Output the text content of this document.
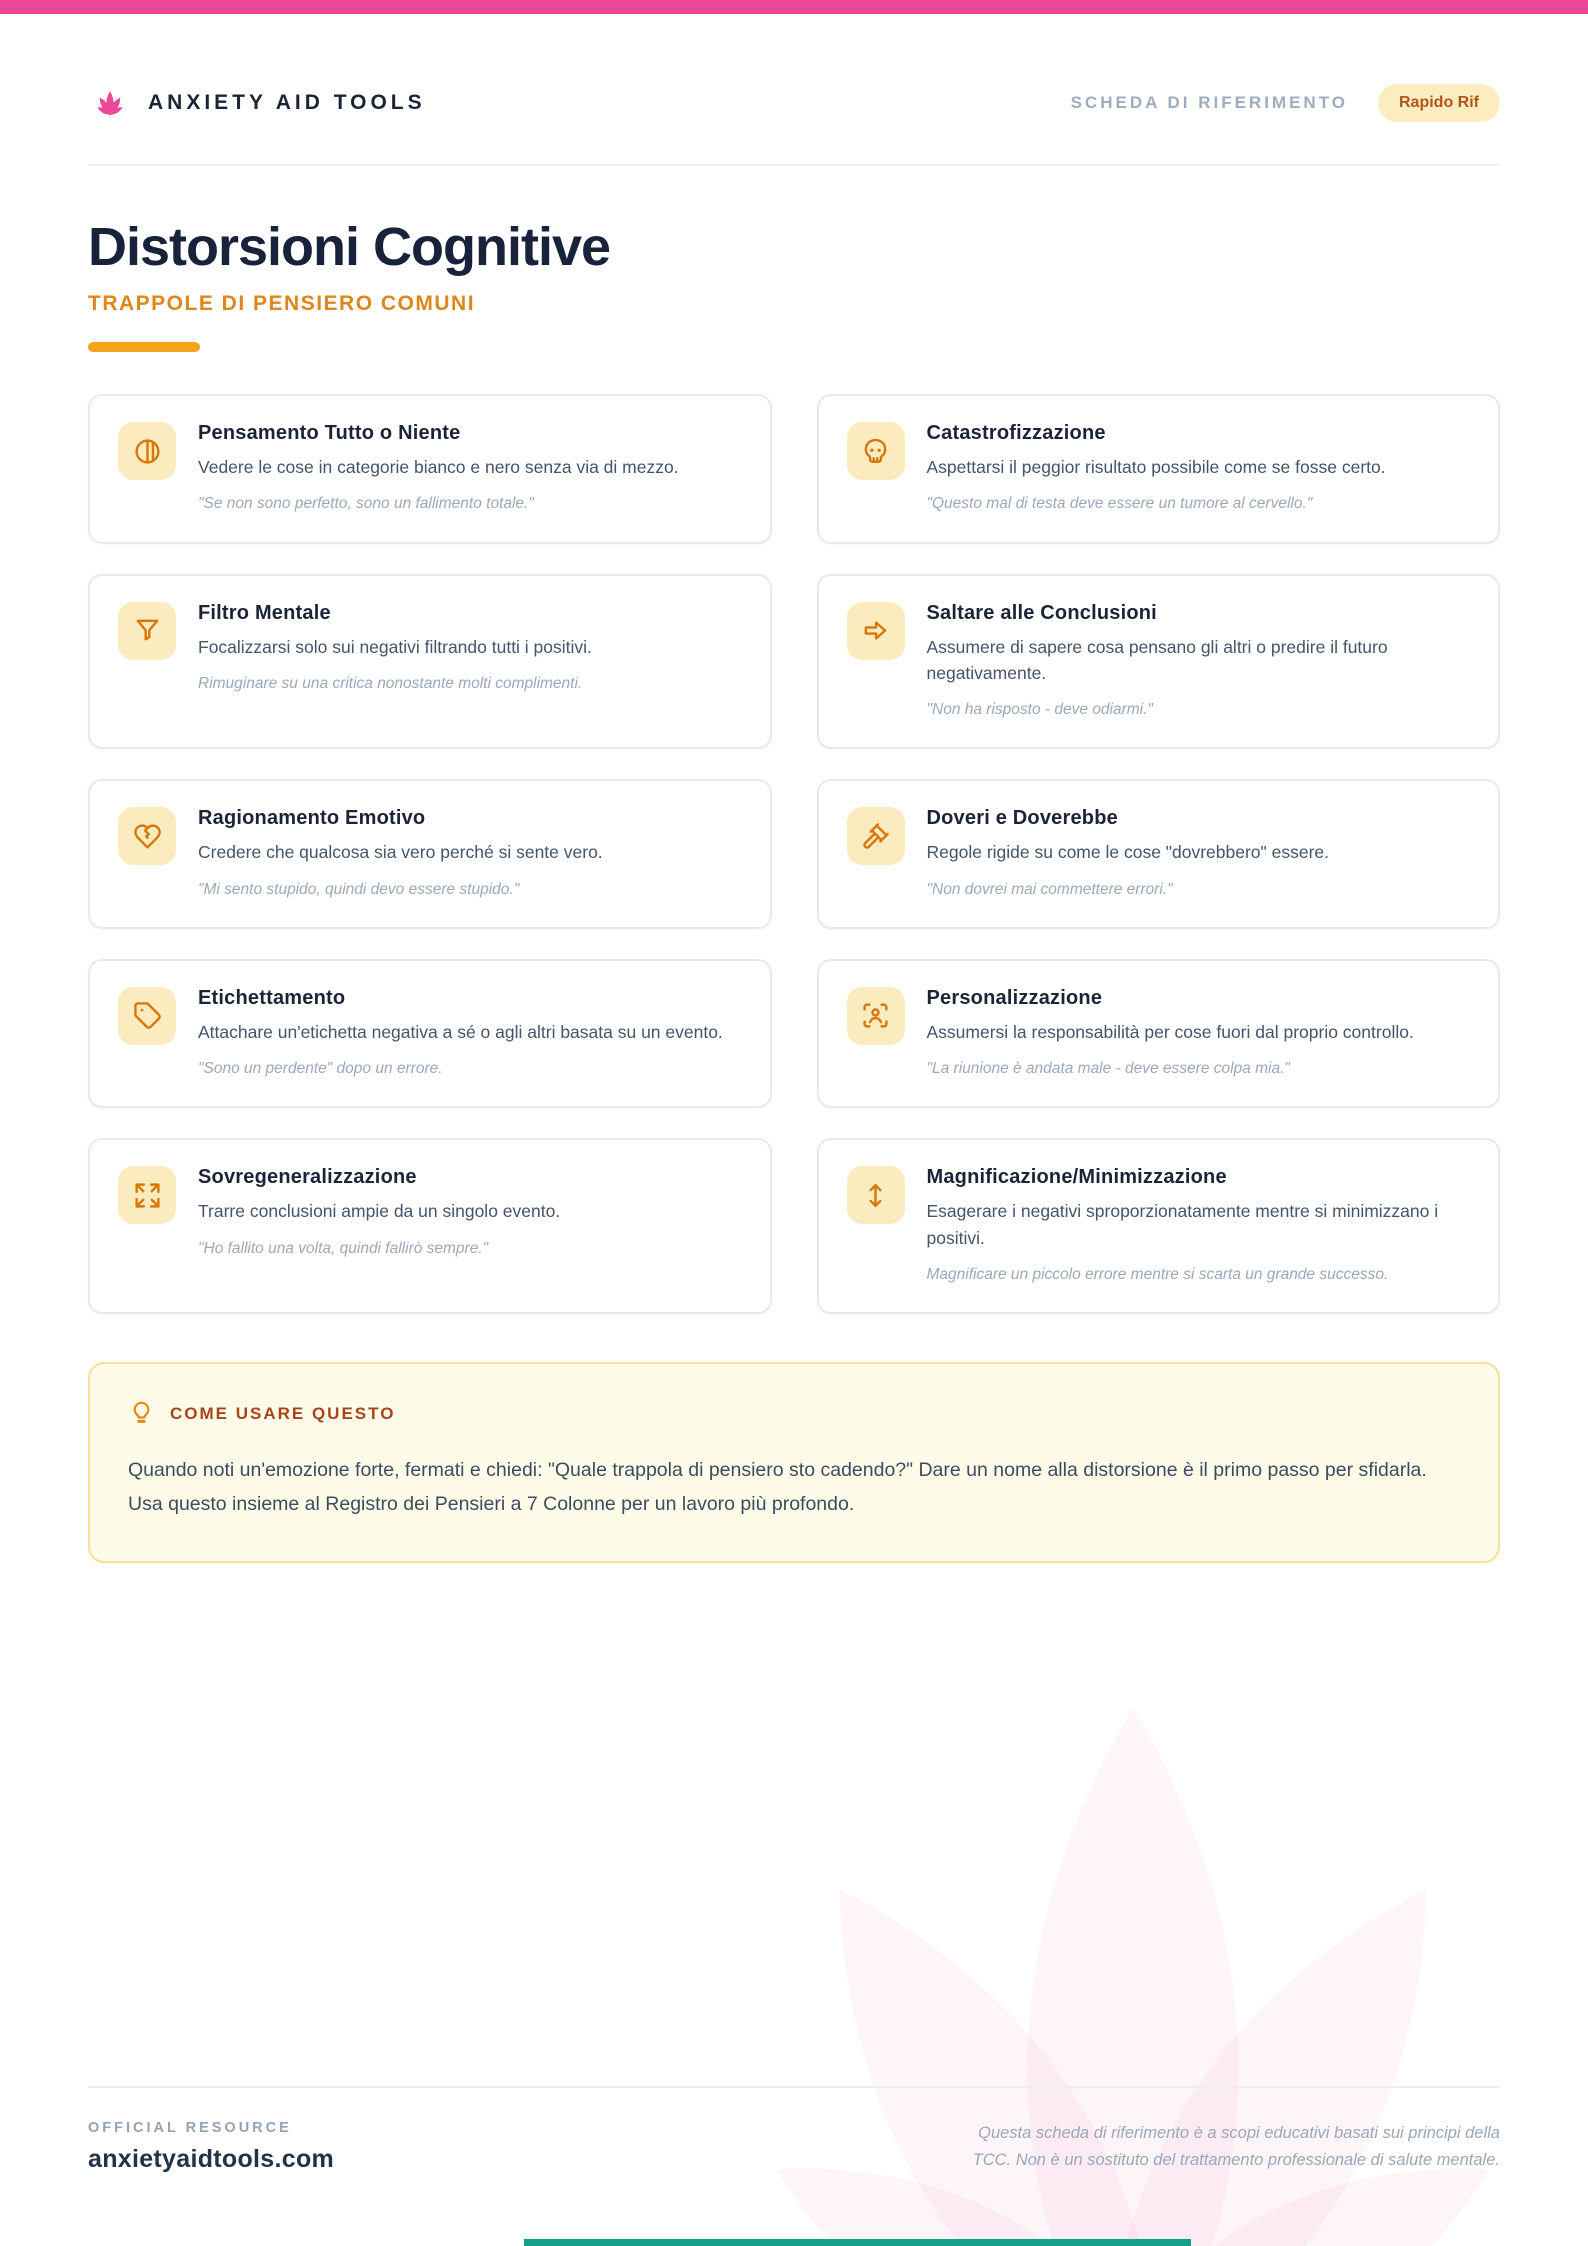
ANXIETY AID TOOLS	SCHEDA DI RIFERIMENTO	Rapido Rif
Distorsioni Cognitive
TRAPPOLE DI PENSIERO COMUNI
Pensamento Tutto o Niente
Vedere le cose in categorie bianco e nero senza via di mezzo.
"Se non sono perfetto, sono un fallimento totale."
Catastrofizzazione
Aspettarsi il peggior risultato possibile come se fosse certo.
"Questo mal di testa deve essere un tumore al cervello."
Filtro Mentale
Focalizzarsi solo sui negativi filtrando tutti i positivi.
Rimuginare su una critica nonostante molti complimenti.
Saltare alle Conclusioni
Assumere di sapere cosa pensano gli altri o predire il futuro negativamente.
"Non ha risposto - deve odiarmi."
Ragionamento Emotivo
Credere che qualcosa sia vero perché si sente vero.
"Mi sento stupido, quindi devo essere stupido."
Doveri e Doverebbe
Regole rigide su come le cose "dovrebbero" essere.
"Non dovrei mai commettere errori."
Etichettamento
Attachare un'etichetta negativa a sé o agli altri basata su un evento.
"Sono un perdente" dopo un errore.
Personalizzazione
Assumersi la responsabilità per cose fuori dal proprio controllo.
"La riunione è andata male - deve essere colpa mia."
Sovregeneralizzazione
Trarre conclusioni ampie da un singolo evento.
"Ho fallito una volta, quindi fallirò sempre."
Magnificazione/Minimizzazione
Esagerare i negativi sproporzionatamente mentre si minimizzano i positivi.
Magnificare un piccolo errore mentre si scarta un grande successo.
COME USARE QUESTO

Quando noti un'emozione forte, fermati e chiedi: "Quale trappola di pensiero sto cadendo?" Dare un nome alla distorsione è il primo passo per sfidarla. Usa questo insieme al Registro dei Pensieri a 7 Colonne per un lavoro più profondo.

OFFICIAL RESOURCE
anxietyaidtools.com
Questa scheda di riferimento è a scopi educativi basati sui principi della TCC. Non è un sostituto del trattamento professionale di salute mentale.
